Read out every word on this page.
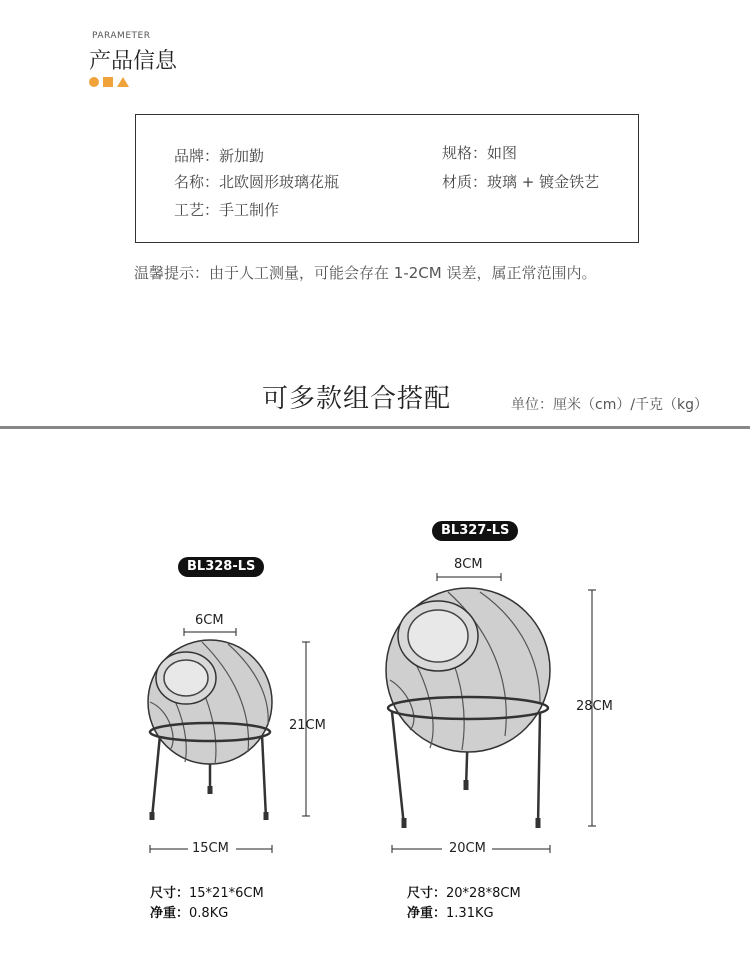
PARAMETER
产品信息
品牌：新加勤
名称：北欧圆形玻璃花瓶
工艺：手工制作
规格：如图
材质：玻璃 + 镀金铁艺
温馨提示：由于人工测量，可能会存在 1-2CM 误差，属正常范围内。
可多款组合搭配	单位：厘米（cm）/千克（kg）
BL328-LS
BL327-LS
6CM
21CM
15CM
8CM
28CM
20CM
尺寸：15*21*6CM
净重：0.8KG
尺寸：20*28*8CM
净重：1.31KG
